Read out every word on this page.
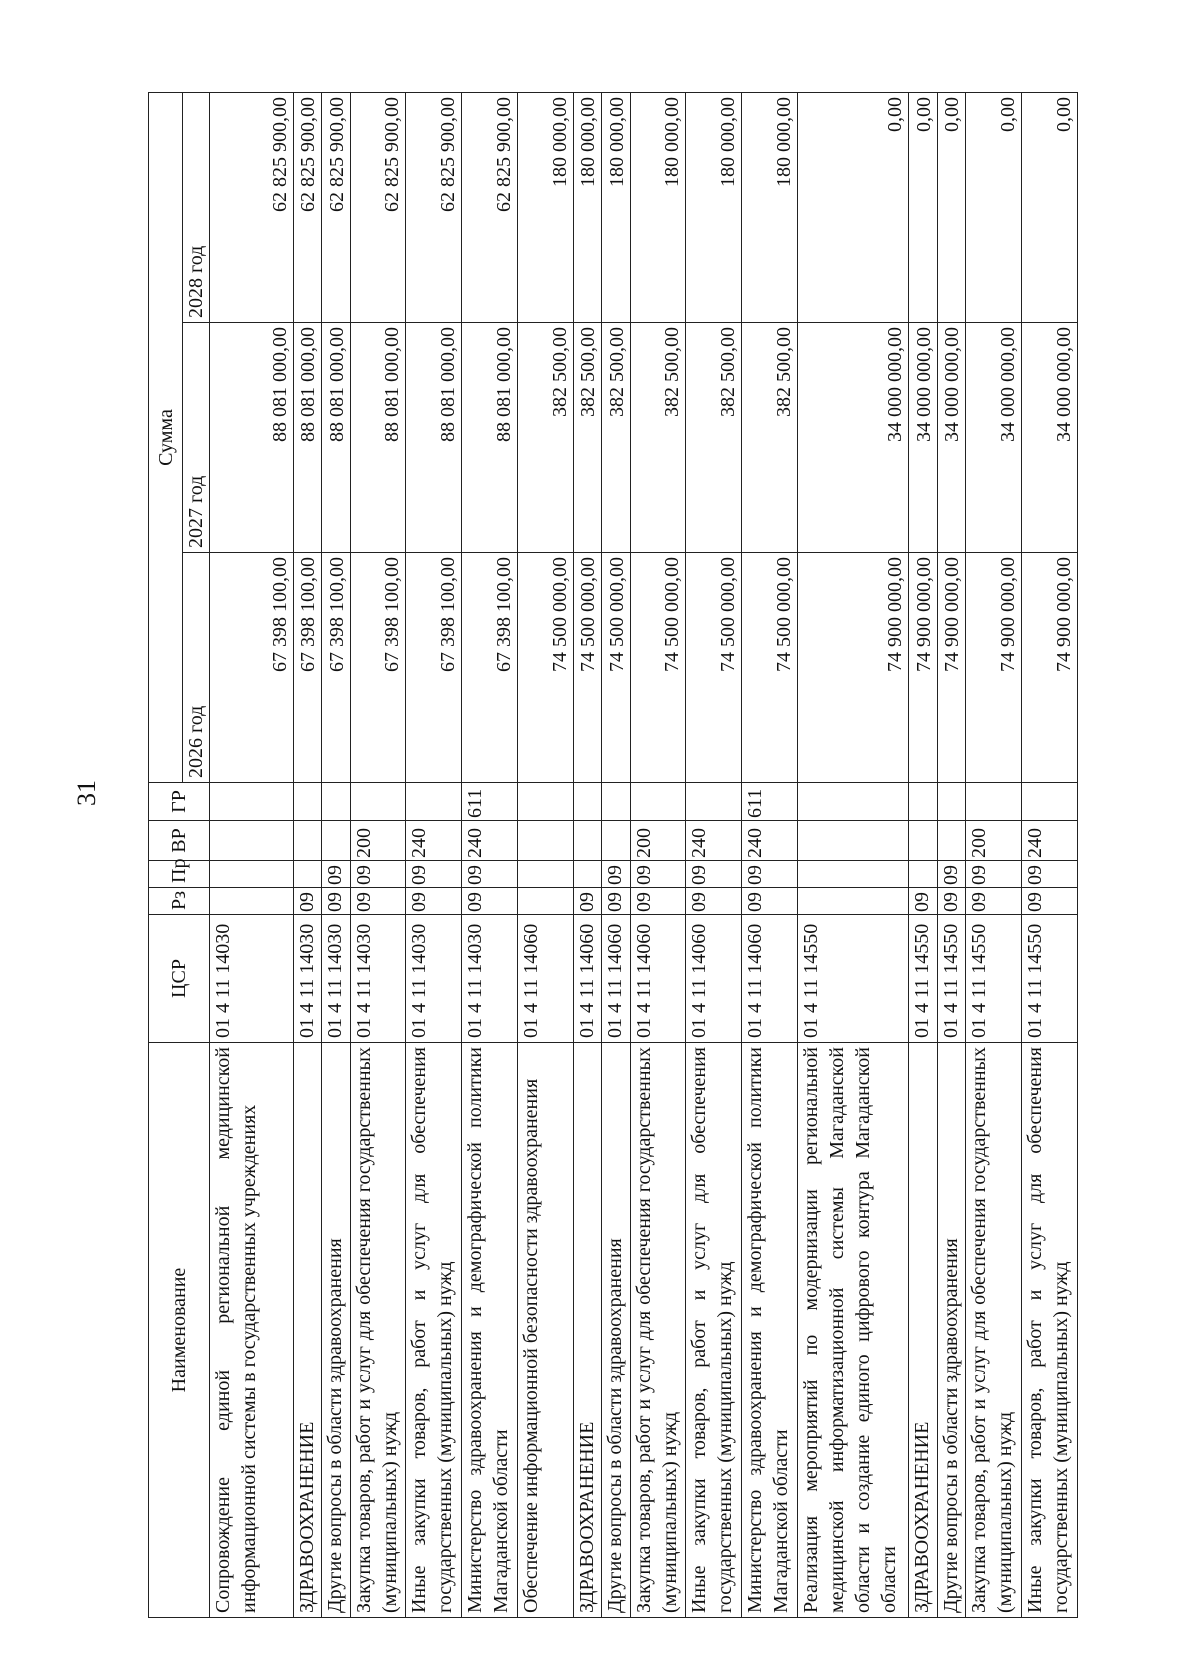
31
Наименование	ЦСР	Рз	Пр	ВР	ГР	Сумма		
						2026 год	2027 год	2028 год
Сопровождение единой региональной медицинской информационной системы в государственных учреждениях	01 4 11 14030					67 398 100,00	88 081 000,00	62 825 900,00
ЗДРАВООХРАНЕНИЕ	01 4 11 14030	09				67 398 100,00	88 081 000,00	62 825 900,00
Другие вопросы в области здравоохранения	01 4 11 14030	09	09			67 398 100,00	88 081 000,00	62 825 900,00
Закупка товаров, работ и услуг для обеспечения государственных (муниципальных) нужд	01 4 11 14030	09	09	200		67 398 100,00	88 081 000,00	62 825 900,00
Иные закупки товаров, работ и услуг для обеспечения государственных (муниципальных) нужд	01 4 11 14030	09	09	240		67 398 100,00	88 081 000,00	62 825 900,00
Министерство здравоохранения и демографической политики Магаданской области	01 4 11 14030	09	09	240	611	67 398 100,00	88 081 000,00	62 825 900,00
Обеспечение информационной безопасности здравоохранения	01 4 11 14060					74 500 000,00	382 500,00	180 000,00
ЗДРАВООХРАНЕНИЕ	01 4 11 14060	09				74 500 000,00	382 500,00	180 000,00
Другие вопросы в области здравоохранения	01 4 11 14060	09	09			74 500 000,00	382 500,00	180 000,00
Закупка товаров, работ и услуг для обеспечения государственных (муниципальных) нужд	01 4 11 14060	09	09	200		74 500 000,00	382 500,00	180 000,00
Иные закупки товаров, работ и услуг для обеспечения государственных (муниципальных) нужд	01 4 11 14060	09	09	240		74 500 000,00	382 500,00	180 000,00
Министерство здравоохранения и демографической политики Магаданской области	01 4 11 14060	09	09	240	611	74 500 000,00	382 500,00	180 000,00
Реализация мероприятий по модернизации региональной медицинской информатизационной системы Магаданской области и создание единого цифрового контура Магаданской области	01 4 11 14550					74 900 000,00	34 000 000,00	0,00
ЗДРАВООХРАНЕНИЕ	01 4 11 14550	09				74 900 000,00	34 000 000,00	0,00
Другие вопросы в области здравоохранения	01 4 11 14550	09	09			74 900 000,00	34 000 000,00	0,00
Закупка товаров, работ и услуг для обеспечения государственных (муниципальных) нужд	01 4 11 14550	09	09	200		74 900 000,00	34 000 000,00	0,00
Иные закупки товаров, работ и услуг для обеспечения государственных (муниципальных) нужд	01 4 11 14550	09	09	240		74 900 000,00	34 000 000,00	0,00
